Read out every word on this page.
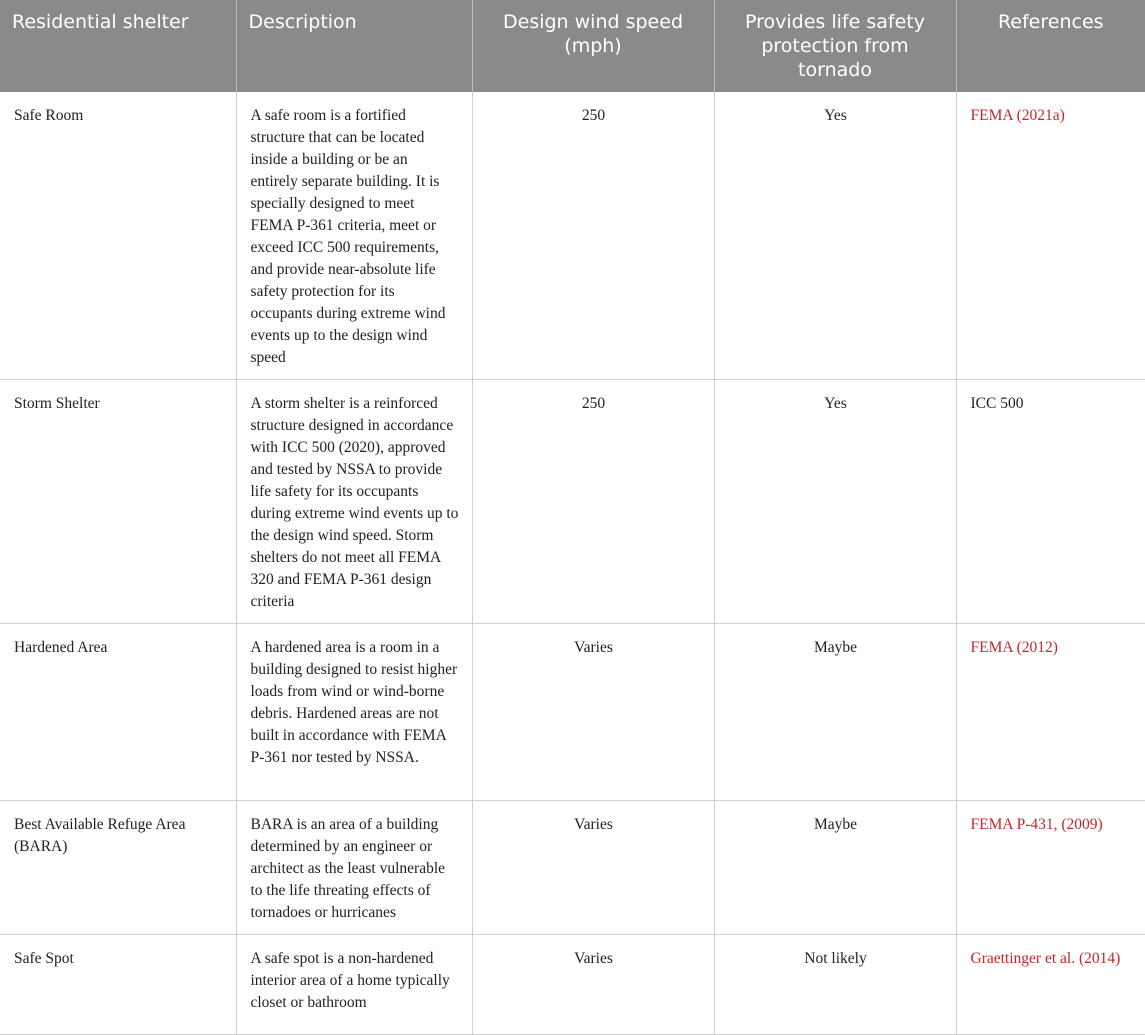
Residential shelter	Description	Design wind speed (mph)	Provides life safety protection from tornado	References
Safe Room	A safe room is a fortified structure that can be located inside a building or be an entirely separate building. It is specially designed to meet FEMA P-361 criteria, meet or exceed ICC 500 requirements, and provide near-absolute life safety protection for its occupants during extreme wind events up to the design wind speed	250	Yes	FEMA (2021a)
Storm Shelter	A storm shelter is a reinforced structure designed in accordance with ICC 500 (2020), approved and tested by NSSA to provide life safety for its occupants during extreme wind events up to the design wind speed. Storm shelters do not meet all FEMA 320 and FEMA P-361 design criteria	250	Yes	ICC 500
Hardened Area	A hardened area is a room in a building designed to resist higher loads from wind or wind-borne debris. Hardened areas are not built in accordance with FEMA P-361 nor tested by NSSA.	Varies	Maybe	FEMA (2012)
Best Available Refuge Area (BARA)	BARA is an area of a building determined by an engineer or architect as the least vulnerable to the life threating effects of tornadoes or hurricanes	Varies	Maybe	FEMA P-431, (2009)
Safe Spot	A safe spot is a non-hardened interior area of a home typically closet or bathroom	Varies	Not likely	Graettinger et al. (2014)
